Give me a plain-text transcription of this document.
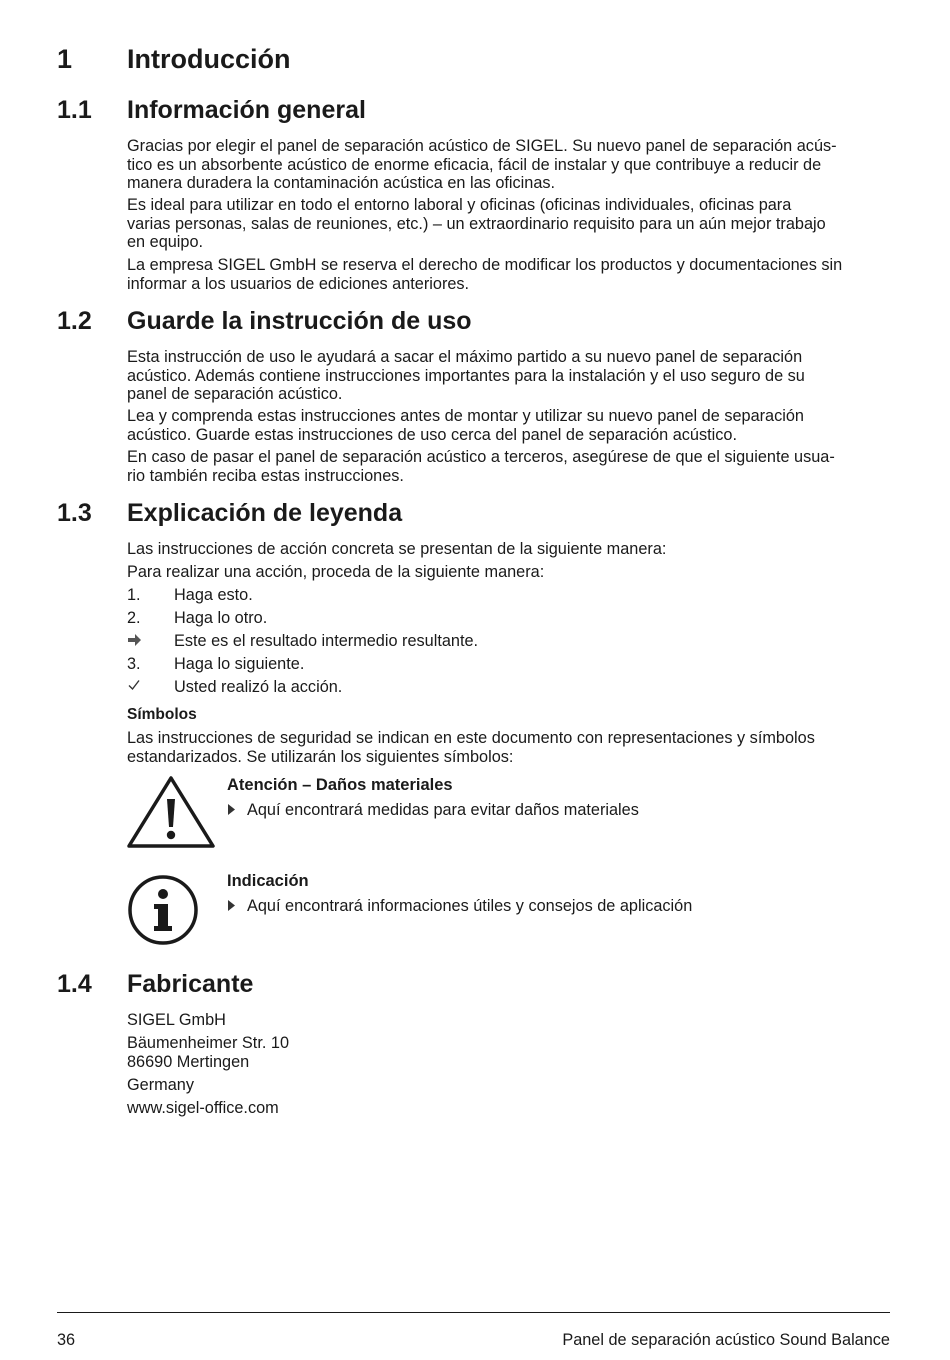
1 Introducción
1.1 Información general
Gracias por elegir el panel de separación acústico de SIGEL. Su nuevo panel de separación acús-
tico es un absorbente acústico de enorme eficacia, fácil de instalar y que contribuye a reducir de
manera duradera la contaminación acústica en las oficinas.
Es ideal para utilizar en todo el entorno laboral y oficinas (oficinas individuales, oficinas para
varias personas, salas de reuniones, etc.) – un extraordinario requisito para un aún mejor trabajo
en equipo.
La empresa SIGEL GmbH se reserva el derecho de modificar los productos y documentaciones sin
informar a los usuarios de ediciones anteriores.
1.2 Guarde la instrucción de uso
Esta instrucción de uso le ayudará a sacar el máximo partido a su nuevo panel de separación
acústico. Además contiene instrucciones importantes para la instalación y el uso seguro de su
panel de separación acústico.
Lea y comprenda estas instrucciones antes de montar y utilizar su nuevo panel de separación
acústico. Guarde estas instrucciones de uso cerca del panel de separación acústico.
En caso de pasar el panel de separación acústico a terceros, asegúrese de que el siguiente usua-
rio también reciba estas instrucciones.
1.3 Explicación de leyenda
Las instrucciones de acción concreta se presentan de la siguiente manera:
Para realizar una acción, proceda de la siguiente manera:
1. Haga esto.
2. Haga lo otro.
Este es el resultado intermedio resultante.
3. Haga lo siguiente.
Usted realizó la acción.
Símbolos
Las instrucciones de seguridad se indican en este documento con representaciones y símbolos
estandarizados. Se utilizarán los siguientes símbolos:
Atención – Daños materiales
Aquí encontrará medidas para evitar daños materiales
Indicación
Aquí encontrará informaciones útiles y consejos de aplicación
1.4 Fabricante
SIGEL GmbH
Bäumenheimer Str. 10
86690 Mertingen
Germany
www.sigel-office.com
36	Panel de separación acústico Sound Balance
